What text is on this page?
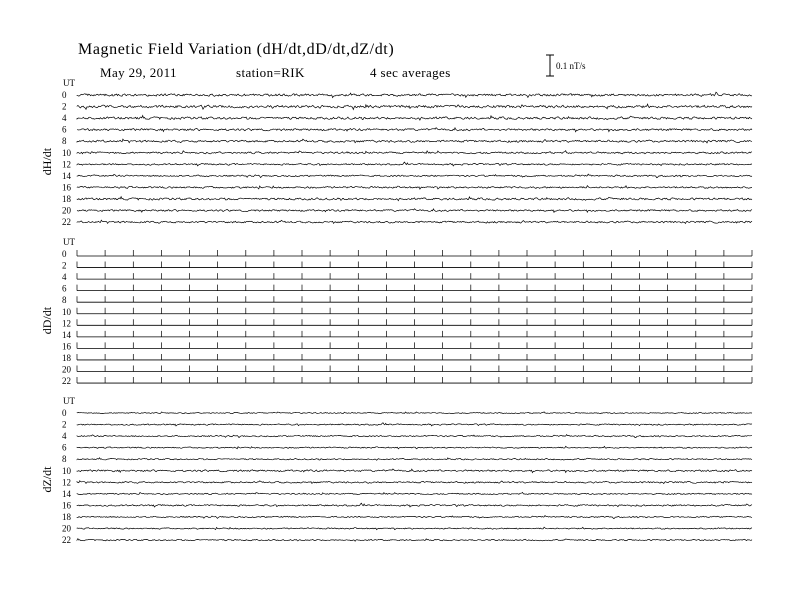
Magnetic Field Variation (dH/dt,dD/dt,dZ/dt)
May 29, 2011	station=RIK	4 sec averages	0.1 nT/s
UT
dH/dt
0
2
4
6
8
10
12
14
16
18
20
22
UT
dD/dt
0
2
4
6
8
10
12
14
16
18
20
22
UT
dZ/dt
0
2
4
6
8
10
12
14
16
18
20
22
